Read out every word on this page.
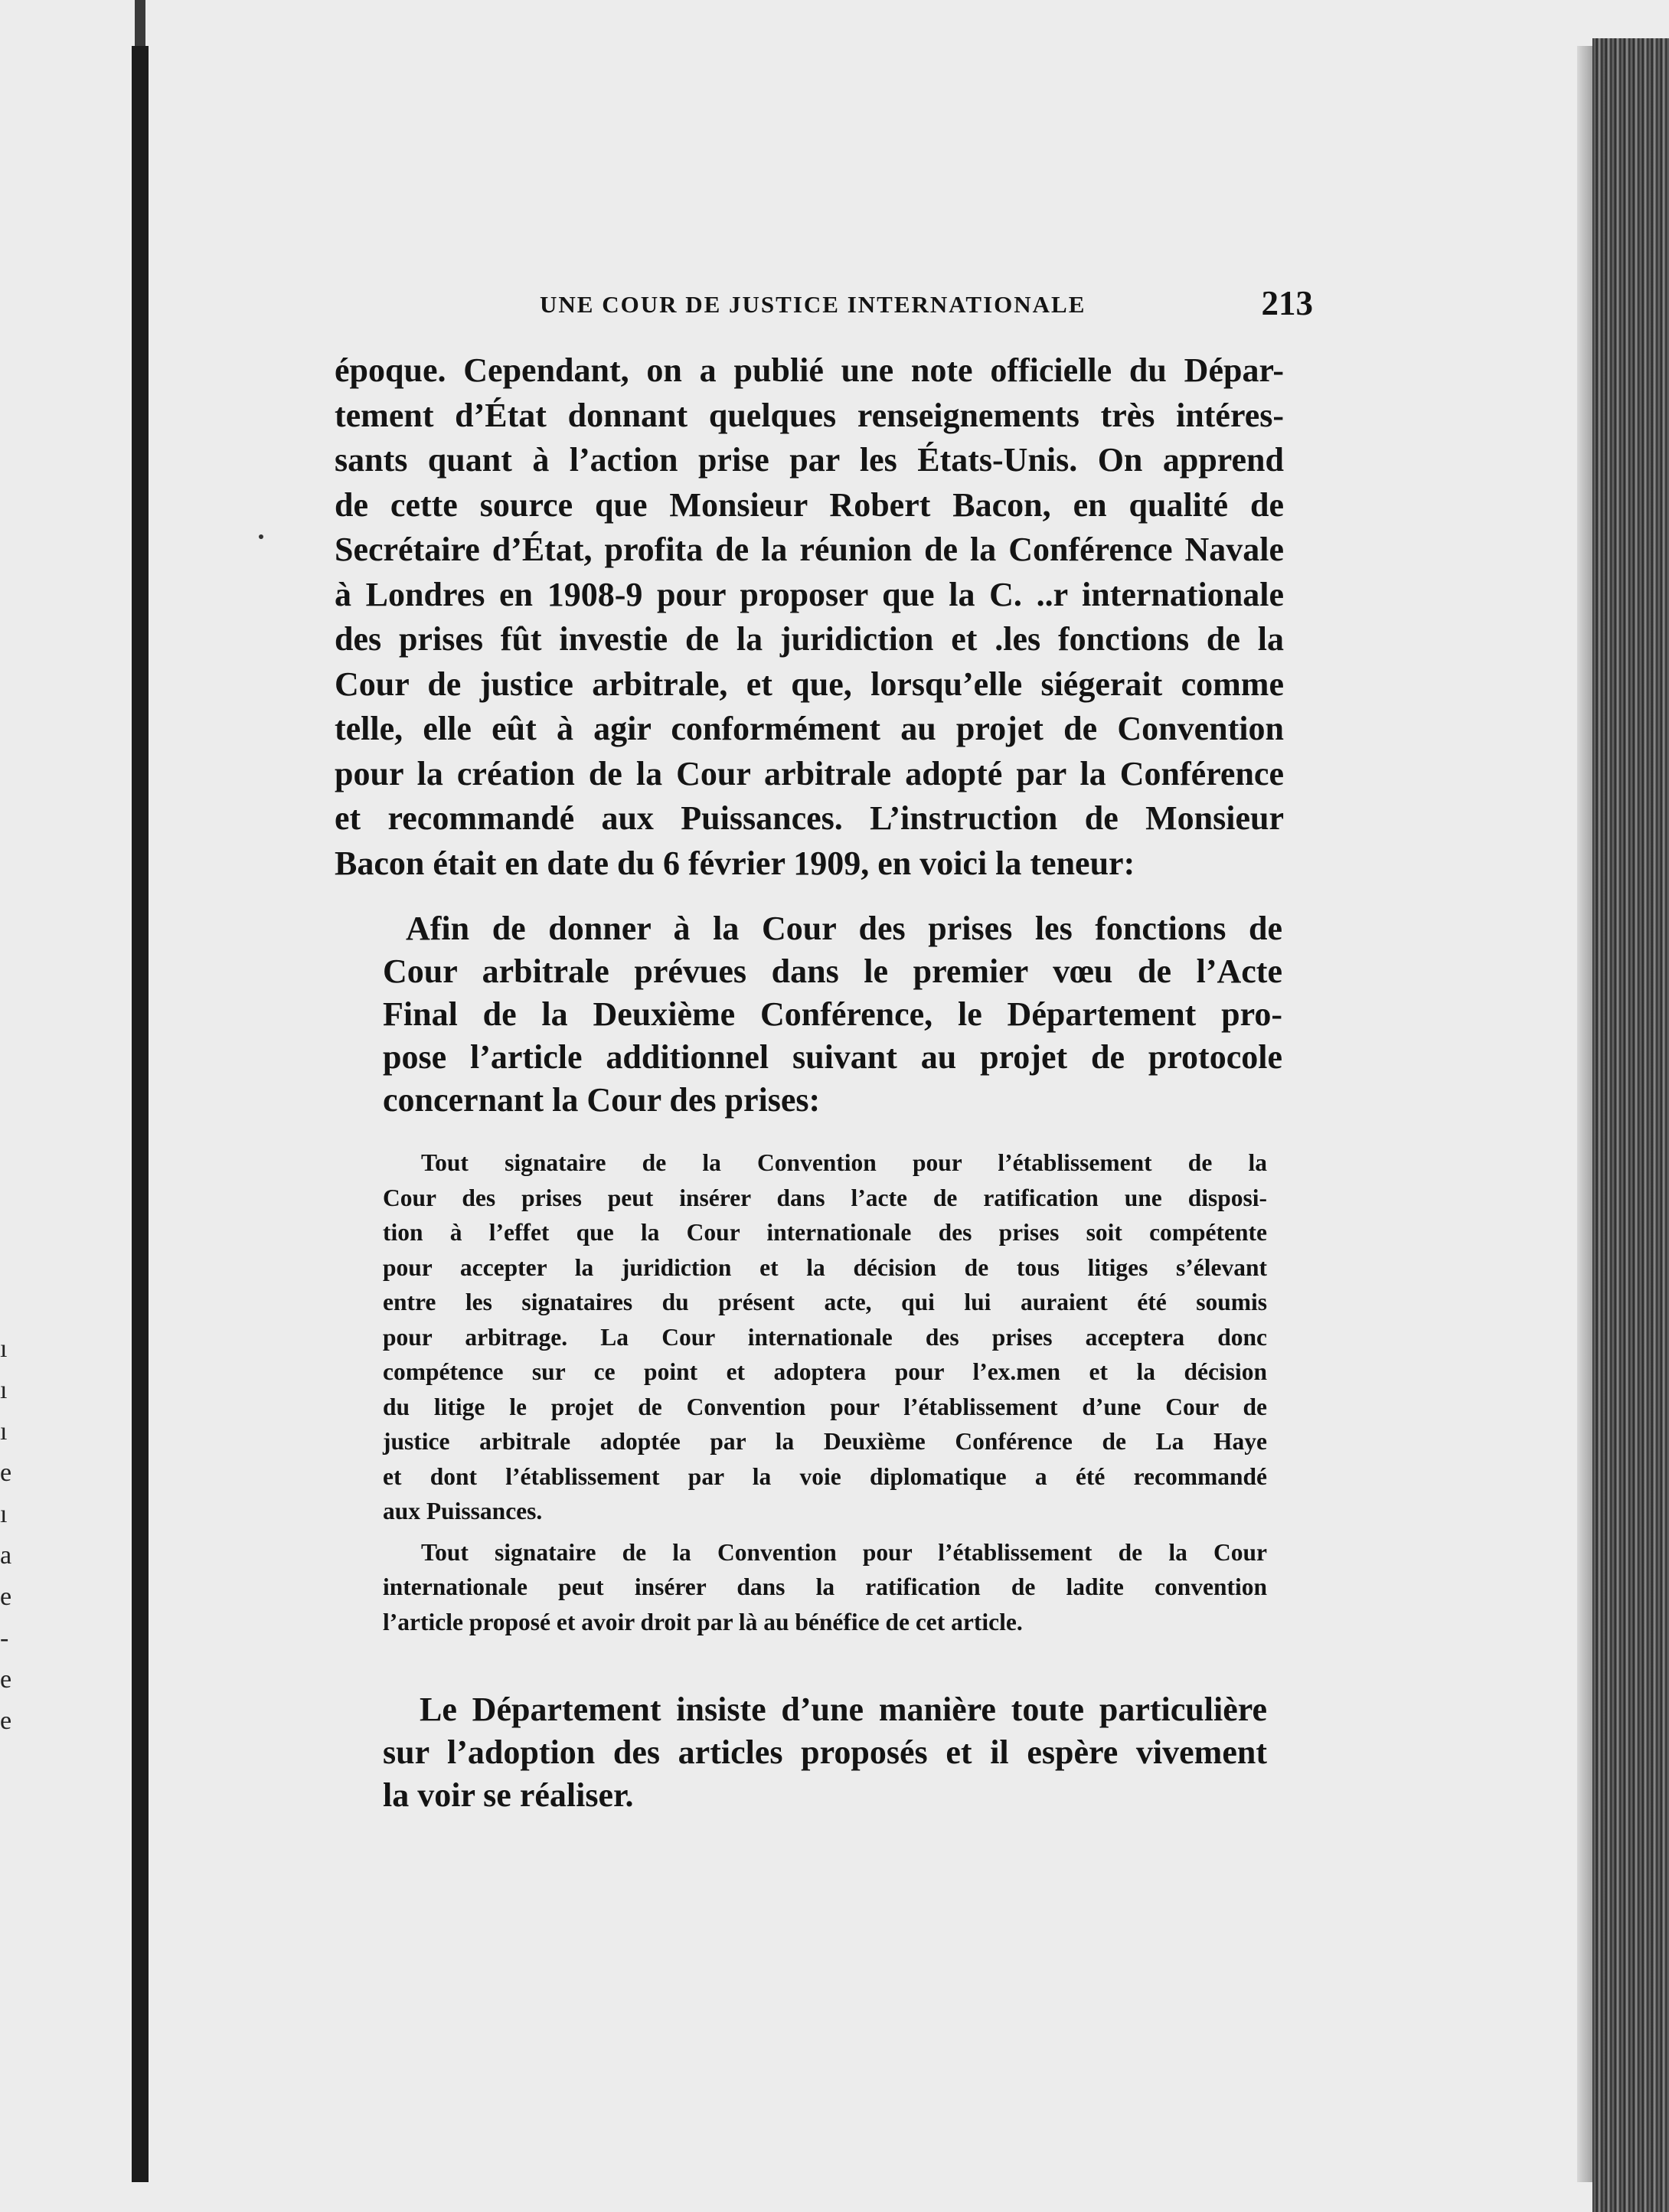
ı
ı
ı
e
ı
a
e
-
e
e
UNE COUR DE JUSTICE INTERNATIONALE	213
époque. Cependant, on a publié une note officielle du Dépar-
tement d’État donnant quelques renseignements très intéres-
sants quant à l’action prise par les États-Unis. On apprend
de cette source que Monsieur Robert Bacon, en qualité de
Secrétaire d’État, profita de la réunion de la Conférence Navale
à Londres en 1908-9 pour proposer que la C. ..r internationale
des prises fût investie de la juridiction et .les fonctions de la
Cour de justice arbitrale, et que, lorsqu’elle siégerait comme
telle, elle eût à agir conformément au projet de Convention
pour la création de la Cour arbitrale adopté par la Conférence
et recommandé aux Puissances. L’instruction de Monsieur
Bacon était en date du 6 février 1909, en voici la teneur:
Afin de donner à la Cour des prises les fonctions de
Cour arbitrale prévues dans le premier vœu de l’Acte
Final de la Deuxième Conférence, le Département pro-
pose l’article additionnel suivant au projet de protocole
concernant la Cour des prises:
Tout signataire de la Convention pour l’établissement de la
Cour des prises peut insérer dans l’acte de ratification une disposi-
tion à l’effet que la Cour internationale des prises soit compétente
pour accepter la juridiction et la décision de tous litiges s’élevant
entre les signataires du présent acte, qui lui auraient été soumis
pour arbitrage. La Cour internationale des prises acceptera donc
compétence sur ce point et adoptera pour l’ex.men et la décision
du litige le projet de Convention pour l’établissement d’une Cour de
justice arbitrale adoptée par la Deuxième Conférence de La Haye
et dont l’établissement par la voie diplomatique a été recommandé
aux Puissances.
Tout signataire de la Convention pour l’établissement de la Cour
internationale peut insérer dans la ratification de ladite convention
l’article proposé et avoir droit par là au bénéfice de cet article.
Le Département insiste d’une manière toute particulière
sur l’adoption des articles proposés et il espère vivement
la voir se réaliser.
